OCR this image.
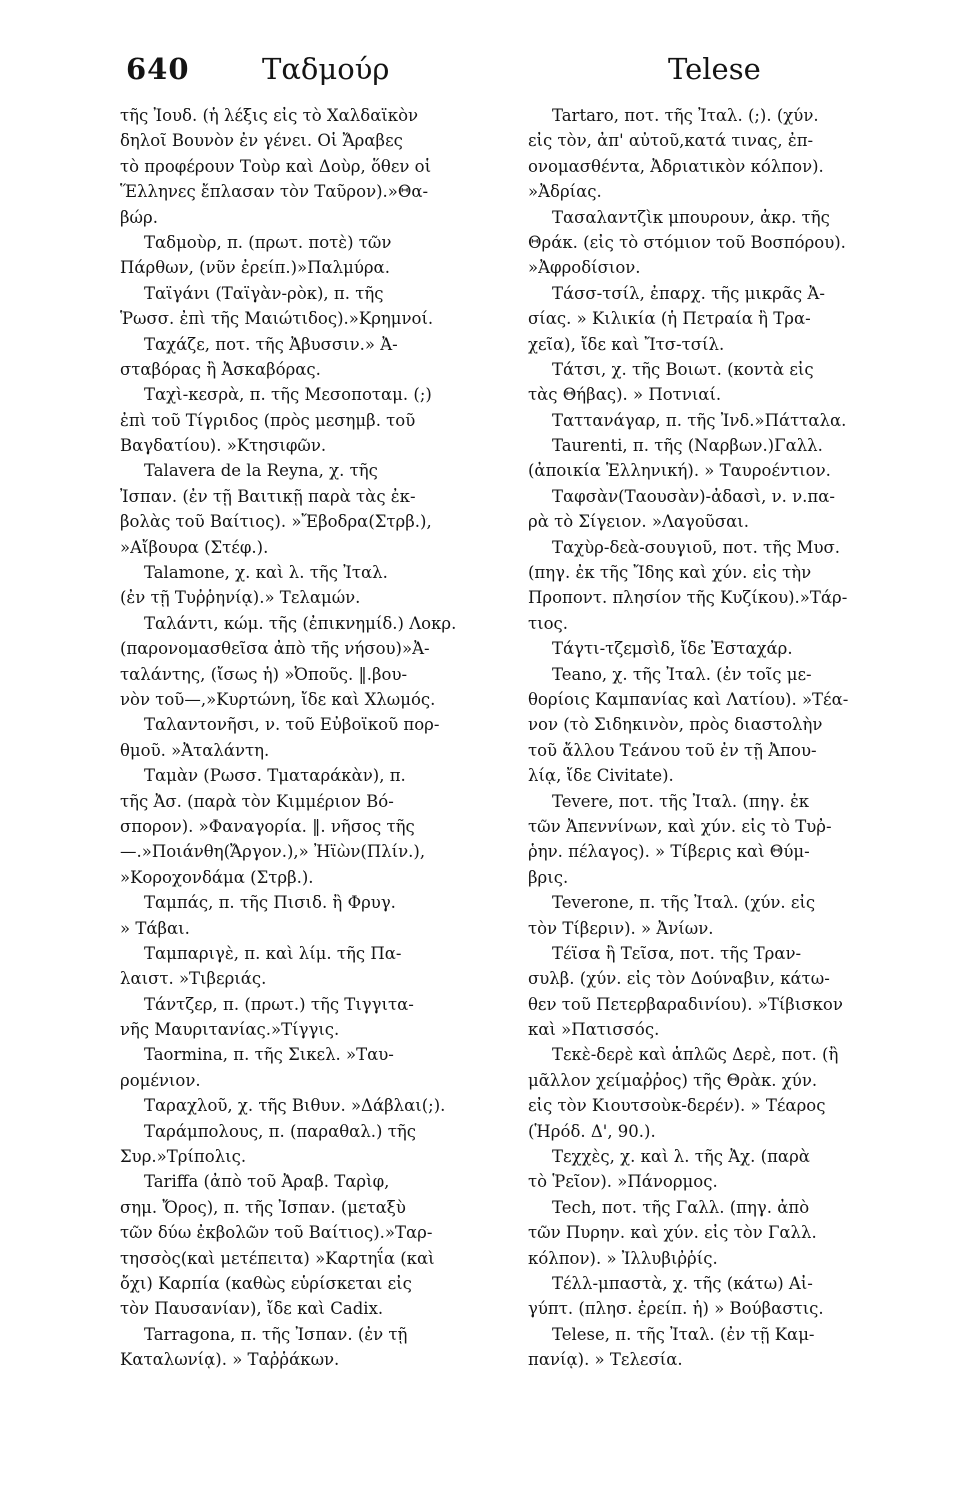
640 Ταδμούρ	Telese
τῆς Ἰουδ. (ἡ λέξις εἰς τὸ Χαλδαϊκὸν
δηλοῖ Βουνὸν ἐν γένει. Οἱ Ἄραβες
τὸ προφέρουν Τοὺρ καὶ Δοὺρ, ὅθεν οἱ
Ἕλληνες ἔπλασαν τὸν Ταῦρον).»Θα-
βώρ.
Ταδμοὺρ, π. (πρωτ. ποτὲ) τῶν
Πάρθων, (νῦν ἐρείπ.)»Παλμύρα.
Ταϊγάνι (Ταϊγὰν-ρὸκ), π. τῆς
Ῥωσσ. ἐπὶ τῆς Μαιώτιδος).»Κρημνοί.
Ταχάζε, ποτ. τῆς Ἀβυσσιν.» Ἀ-
σταβόρας ἢ Ἀσκαβόρας.
Ταχὶ-κεσρὰ, π. τῆς Μεσοποταμ. (;)
ἐπὶ τοῦ Τίγριδος (πρὸς μεσημβ. τοῦ
Βαγδατίου). »Κτησιφῶν.
Talavera de la Reyna, χ. τῆς
Ἰσπαν. (ἐν τῇ Βαιτικῇ παρὰ τὰς ἐκ-
βολὰς τοῦ Βαίτιος). »Ἔβοδρα(Στρβ.),
»Αἴβουρα (Στέφ.).
Talamone, χ. καὶ λ. τῆς Ἰταλ.
(ἐν τῇ Τυῤῥηνίᾳ).» Τελαμών.
Ταλάντι, κώμ. τῆς (ἐπικνημίδ.) Λοκρ.
(παρονομασθεῖσα ἀπὸ τῆς νήσου)»Ἀ-
ταλάντης, (ἴσως ἡ) »Ὀποῦς. ‖.βου-
νὸν τοῦ—,»Κυρτώνη, ἴδε καὶ Χλωμός.
Ταλαντονῆσι, ν. τοῦ Εὐβοϊκοῦ πορ-
θμοῦ. »Ἀταλάντη.
Ταμὰν (Ρωσσ. Τματαράκὰν), π.
τῆς Ἀσ. (παρὰ τὸν Κιμμέριον Βό-
σπορον). »Φαναγορία. ‖. νῆσος τῆς
—.»Ποιάνθη(Ἄργον.),» Ἠϊὼν(Πλίν.),
»Κοροχονδάμα (Στρβ.).
Ταμπάς, π. τῆς Πισιδ. ἢ Φρυγ.
» Τάβαι.
Ταμπαριγὲ, π. καὶ λίμ. τῆς Πα-
λαιστ. »Τιβεριάς.
Τάντζερ, π. (πρωτ.) τῆς Τιγγιτα-
νῆς Μαυριτανίας.»Τίγγις.
Taormina, π. τῆς Σικελ. »Ταυ-
ρομένιον.
Ταραχλοῦ, χ. τῆς Βιθυν. »Δάβλαι(;).
Ταράμπολους, π. (παραθαλ.) τῆς
Συρ.»Τρίπολις.
Tariffa (ἀπὸ τοῦ Ἀραβ. Ταρὶφ,
σημ. Ὄρος), π. τῆς Ἰσπαν. (μεταξὺ
τῶν δύω ἐκβολῶν τοῦ Βαίτιος).»Ταρ-
τησσὸς(καὶ μετέπειτα) »Καρτηΐα (καὶ
ὄχι) Καρπία (καθὼς εὑρίσκεται εἰς
τὸν Παυσανίαν), ἴδε καὶ Cadix.
Tarragona, π. τῆς Ἰσπαν. (ἐν τῇ
Καταλωνίᾳ). » Ταῤῥάκων.
Tartaro, ποτ. τῆς Ἰταλ. (;). (χύν.
εἰς τὸν, ἀπ' αὐτοῦ,κατά τινας, ἐπ-
ονομασθέντα, Ἀδριατικὸν κόλπον).
»Ἀδρίας.
Τασαλαντζὶκ μπουρουν, ἀκρ. τῆς
Θράκ. (εἰς τὸ στόμιον τοῦ Βοσπόρου).
»Ἀφροδίσιον.
Τάσσ-τσίλ, ἐπαρχ. τῆς μικρᾶς Ἀ-
σίας. » Κιλικία (ἡ Πετραία ἢ Τρα-
χεῖα), ἴδε καὶ Ἴτσ-τσίλ.
Τάτσι, χ. τῆς Βοιωτ. (κοντὰ εἰς
τὰς Θήβας). » Ποτνιαί.
Ταττανάγαρ, π. τῆς Ἰνδ.»Πάτταλα.
Taurenti, π. τῆς (Ναρβων.)Γαλλ.
(ἀποικία Ἑλληνική). » Ταυροέντιον.
Ταφσὰν(Ταουσὰν)-ἀδασὶ, ν. ν.πα-
ρὰ τὸ Σίγειον. »Λαγοῦσαι.
Ταχὺρ-δεὰ-σουγιοῦ, ποτ. τῆς Μυσ.
(πηγ. ἐκ τῆς Ἴδης καὶ χύν. εἰς τὴν
Προποντ. πλησίον τῆς Κυζίκου).»Τάρ-
τιος.
Τάγτι-τζεμσὶδ, ἴδε Ἐσταχάρ.
Teano, χ. τῆς Ἰταλ. (ἐν τοῖς με-
θορίοις Καμπανίας καὶ Λατίου). »Τέα-
νον (τὸ Σιδηκινὸν, πρὸς διαστολὴν
τοῦ ἄλλου Τεάνου τοῦ ἐν τῇ Ἀπου-
λίᾳ, ἴδε Civitate).
Tevere, ποτ. τῆς Ἰταλ. (πηγ. ἐκ
τῶν Ἀπεννίνων, καὶ χύν. εἰς τὸ Τυῤ-
ῥην. πέλαγος). » Τίβερις καὶ Θύμ-
βρις.
Teverone, π. τῆς Ἰταλ. (χύν. εἰς
τὸν Τίβεριν). » Ἀνίων.
Τέϊσα ἢ Τεῖσα, ποτ. τῆς Τραν-
συλβ. (χύν. εἰς τὸν Δούναβιν, κάτω-
θεν τοῦ Πετερβαραδινίου). »Τίβισκον
καὶ »Πατισσός.
Τεκὲ-δερὲ καὶ ἁπλῶς Δερὲ, ποτ. (ἢ
μᾶλλον χείμαῤῥος) τῆς Θρὰκ. χύν.
εἰς τὸν Κιουτσοὺκ-δερέν). » Τέαρος
(Ἡρόδ. Δ', 90.).
Τεχχὲς, χ. καὶ λ. τῆς Ἀχ. (παρὰ
τὸ Ῥεῖον). »Πάνορμος.
Tech, ποτ. τῆς Γαλλ. (πηγ. ἀπὸ
τῶν Πυρην. καὶ χύν. εἰς τὸν Γαλλ.
κόλπον). » Ἰλλυβιῤῥίς.
Τέλλ-μπαστὰ, χ. τῆς (κάτω) Αἰ-
γύπτ. (πλησ. ἐρείπ. ἡ) » Βούβαστις.
Telese, π. τῆς Ἰταλ. (ἐν τῇ Καμ-
πανίᾳ). » Τελεσία.
